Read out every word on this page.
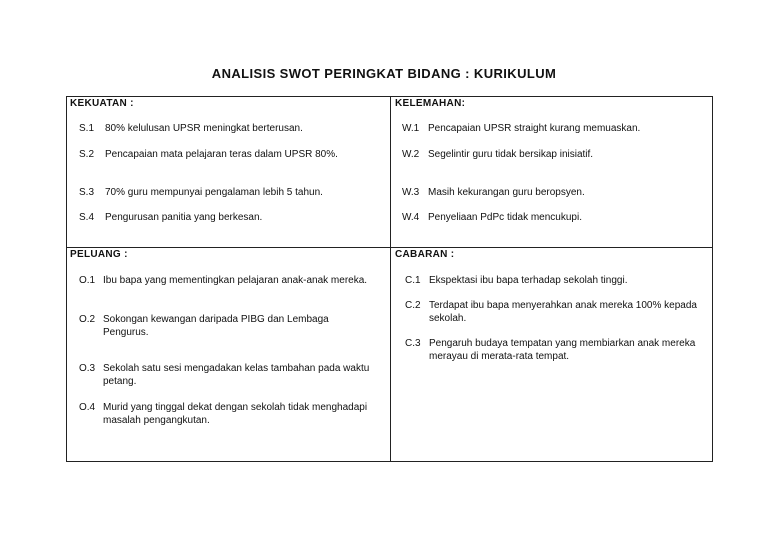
ANALISIS SWOT PERINGKAT BIDANG : KURIKULUM
KEKUATAN :
S.1	80% kelulusan UPSR meningkat berterusan.
S.2	Pencapaian mata pelajaran teras dalam UPSR 80%.
S.3	70% guru mempunyai pengalaman lebih 5 tahun.
S.4	Pengurusan panitia yang berkesan.
KELEMAHAN:
W.1 Pencapaian UPSR straight kurang memuaskan.
W.2 Segelintir guru tidak bersikap inisiatif.
W.3 Masih kekurangan guru beropsyen.
W.4 Penyeliaan PdPc tidak mencukupi.
PELUANG :
O.1 Ibu bapa yang mementingkan pelajaran anak-anak mereka.
O.2 Sokongan kewangan daripada PIBG dan Lembaga Pengurus.
O.3 Sekolah satu sesi mengadakan kelas tambahan pada waktu petang.
O.4 Murid yang tinggal dekat dengan sekolah tidak menghadapi masalah pengangkutan.
CABARAN :
C.1 Ekspektasi ibu bapa terhadap sekolah tinggi.
C.2 Terdapat ibu bapa menyerahkan anak mereka 100% kepada sekolah.
C.3 Pengaruh budaya tempatan yang membiarkan anak mereka merayau di merata-rata tempat.
